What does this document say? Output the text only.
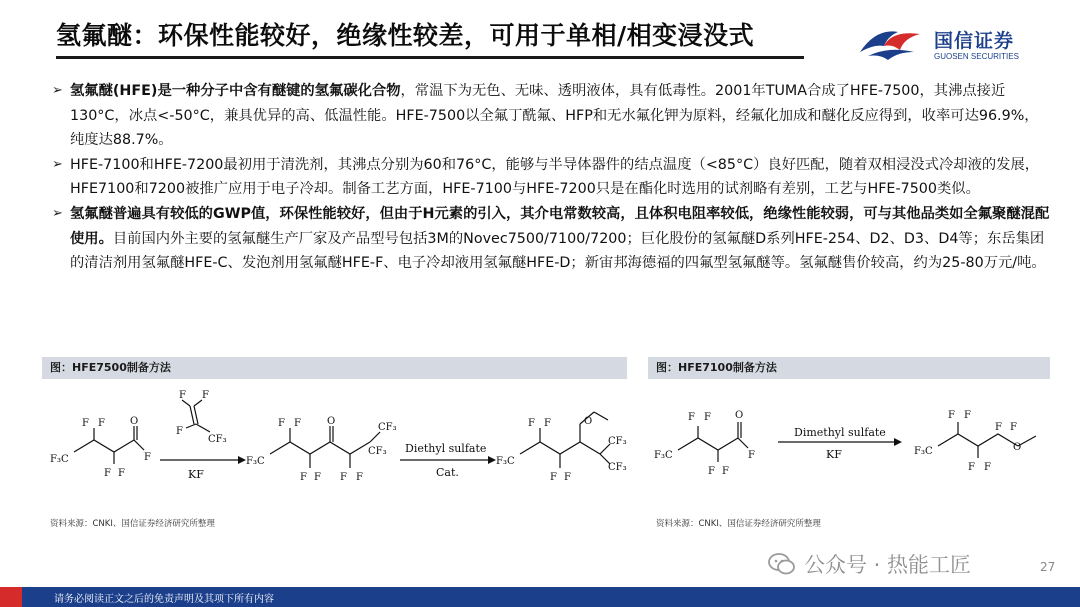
氢氟醚：环保性能较好，绝缘性较差，可用于单相/相变浸没式	国信证券
GUOSEN SECURITIES
➢ 氢氟醚(HFE)是一种分子中含有醚键的氢氟碳化合物，常温下为无色、无味、透明液体，具有低毒性。2001年TUMA合成了HFE-7500，其沸点接近130°C，冰点<-50°C，兼具优异的高、低温性能。HFE-7500以全氟丁酰氟、HFP和无水氟化钾为原料，经氟化加成和醚化反应得到，收率可达96.9%，纯度达88.7%。
➢ HFE-7100和HFE-7200最初用于清洗剂，其沸点分别为60和76°C，能够与半导体器件的结点温度（<85°C）良好匹配，随着双相浸没式冷却液的发展，HFE7100和7200被推广应用于电子冷却。制备工艺方面，HFE-7100与HFE-7200只是在酯化时选用的试剂略有差别，工艺与HFE-7500类似。
➢ 氢氟醚普遍具有较低的GWP值，环保性能较好，但由于H元素的引入，其介电常数较高，且体积电阻率较低，绝缘性能较弱，可与其他品类如全氟聚醚混配使用。目前国内外主要的氢氟醚生产厂家及产品型号包括3M的Novec7500/7100/7200；巨化股份的氢氟醚D系列HFE-254、D2、D3、D4等；东岳集团的清洁剂用氢氟醚HFE-C、发泡剂用氢氟醚HFE-F、电子冷却液用氢氟醚HFE-D；新宙邦海德福的四氟型氢氟醚等。氢氟醚售价较高，约为25-80万元/吨。
图：HFE7500制备方法	图：HFE7100制备方法
F₃C
F F
F F
O
F
F F
F
CF₃
F₃C
F F
F F
O
F F
CF₃
CF₃
F₃C
F F
F F
O
CF₃
CF₃
KF
Diethyl sulfate
Cat.
F₃C
F F
F F
O
F	F₃C
F F
F F
F F
O
Dimethyl sulfate
KF
资料来源：CNKI、国信证券经济研究所整理	资料来源：CNKI、国信证券经济研究所整理
公众号 · 热能工匠	27
请务必阅读正文之后的免责声明及其项下所有内容
